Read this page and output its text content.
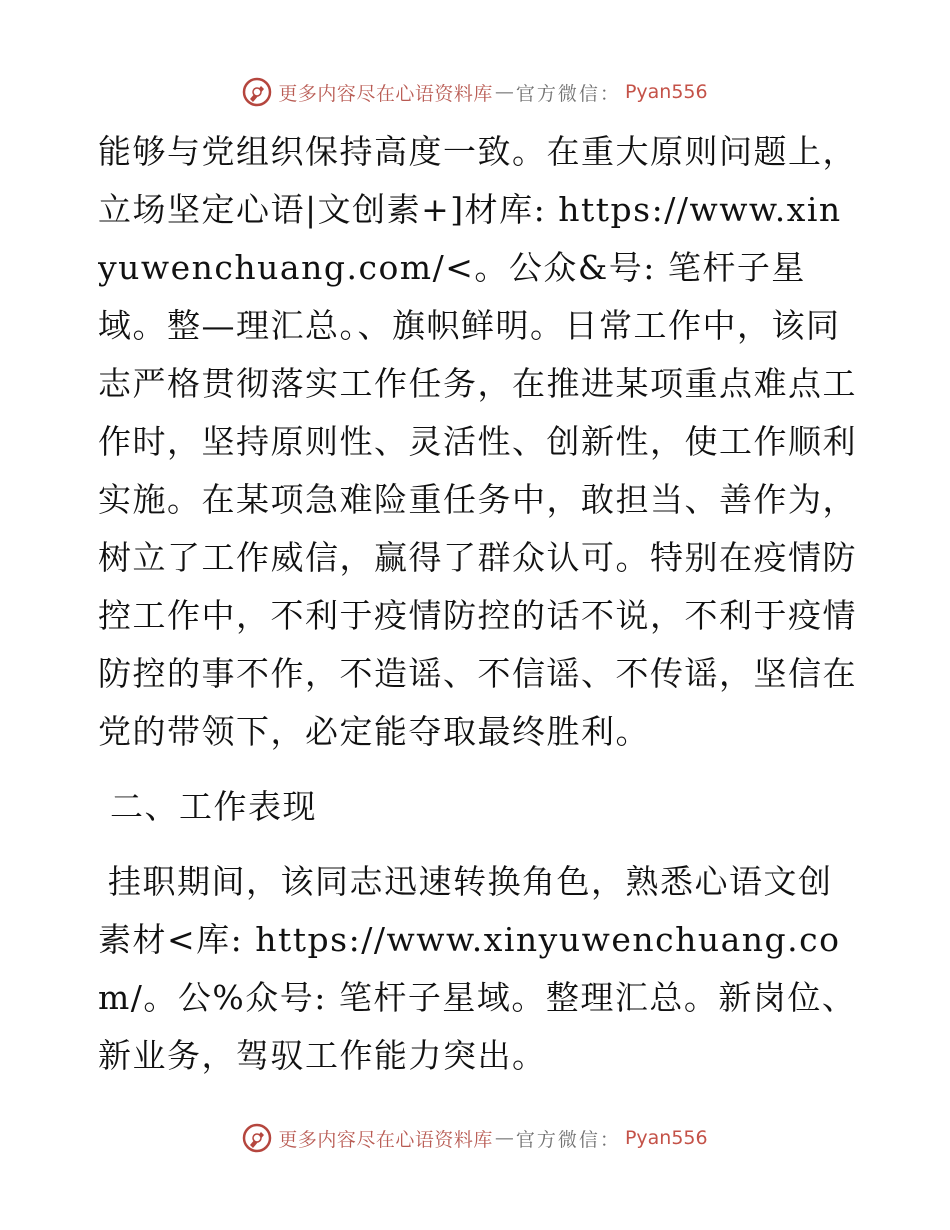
更多内容尽在心语资料库 — 官方微信： Pyan556

能够与党组织保持高度一致。在重大原则问题上，立场坚定心语|文创素+]材库: https://www.xinyuwenchuang.com/<。公众&号: 笔杆子星域。整—理汇总。、旗帜鲜明。日常工作中，该同志严格贯彻落实工作任务，在推进某项重点难点工作时，坚持原则性、灵活性、创新性，使工作顺利实施。在某项急难险重任务中，敢担当、善作为，树立了工作威信，赢得了群众认可。特别在疫情防控工作中，不利于疫情防控的话不说，不利于疫情防控的事不作，不造谣、不信谣、不传谣，坚信在党的带领下，必定能夺取最终胜利。

二、工作表现

挂职期间，该同志迅速转换角色，熟悉心语文创素材<库: https://www.xinyuwenchuang.com/。公%众号: 笔杆子星域。整理汇总。新岗位、新业务，驾驭工作能力突出。

更多内容尽在心语资料库 — 官方微信： Pyan556
